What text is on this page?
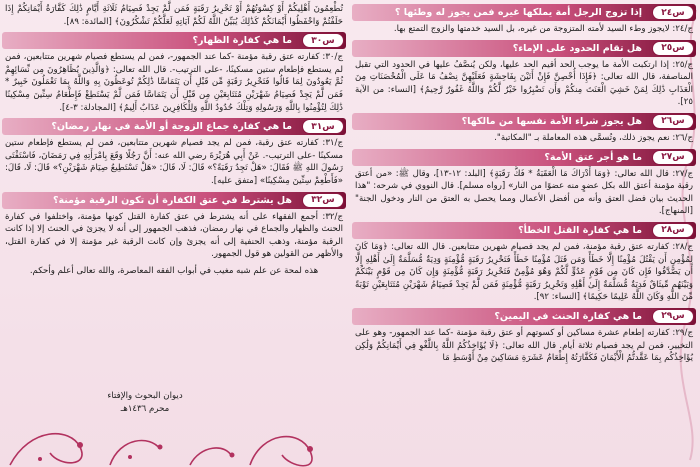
س٢٤
إذا تزوج الرجل أمة يملكها غيره فمن يجوز له وطئها ؟

ج/٢٤: لايجوز وطء السيد لأمته المتزوجة من غيره، بل السيد خدمتها والزوج التمتع بها.

س٢٥
هل تقام الحدود على الإماء؟

ج/٢٥: إذا ارتكبت الأمة ما يوجب الحد أقيم الحد عليها، ولكن يُنصَّفُ عليها في الحدود التي تقبل المناصفة، قال الله تعالى: ﴿فَإِذَا أُحْصِنَّ فَإِنْ أَتَيْنَ بِفَاحِشَةٍ فَعَلَيْهِنَّ نِصْفُ مَا عَلَى الْمُحْصَنَاتِ مِنَ الْعَذَابِ ذَٰلِكَ لِمَنْ خَشِيَ الْعَنَتَ مِنكُمْ وَأَن تَصْبِرُوا خَيْرٌ لَّكُمْ وَاللَّهُ غَفُورٌ رَّحِيمٌ﴾ [النساء: من الآية ٢٥].

س٢٦
هل يجوز شراء الأمة نفسها من مالكها؟

ج/٢٦: نعم يجوز ذلك، وتُسمَّى هذه المعاملة بـ "المكاتبة".

س٢٧
ما هو أجر عتق الأمة؟

ج/٢٧: قال الله تعالى: ﴿وَمَا أَدْرَاكَ مَا الْعَقَبَةُ * فَكُّ رَقَبَةٍ﴾ [البلد: ١٢-١٣]، وقال ﷺ: «من أعتق رقبة مؤمنة أعتق الله بكل عضوٍ منه عضوًا من النار» [رواه مسلم]. قال النووي في شرحه: "هذا الحديث بيان فضل العتق وأنه من أفضل الأعمال ومما يحصل به العتق من النار ودخول الجنة" [المنهاج].

س٢٨
ما هي كفارة القتل الخطأ؟

ج/٢٨: كفارته عتق رقبة مؤمنة، فمن لم يجد فصيام شهرين متتابعين. قال الله تعالى: ﴿وَمَا كَانَ لِمُؤْمِنٍ أَن يَقْتُلَ مُؤْمِنًا إِلَّا خَطَأً وَمَن قَتَلَ مُؤْمِنًا خَطَأً فَتَحْرِيرُ رَقَبَةٍ مُّؤْمِنَةٍ وَدِيَةٌ مُّسَلَّمَةٌ إِلَىٰ أَهْلِهِ إِلَّا أَن يَصَّدَّقُوا فَإِن كَانَ مِن قَوْمٍ عَدُوٍّ لَّكُمْ وَهُوَ مُؤْمِنٌ فَتَحْرِيرُ رَقَبَةٍ مُّؤْمِنَةٍ وَإِن كَانَ مِن قَوْمٍ بَيْنَكُمْ وَبَيْنَهُم مِّيثَاقٌ فَدِيَةٌ مُّسَلَّمَةٌ إِلَىٰ أَهْلِهِ وَتَحْرِيرُ رَقَبَةٍ مُّؤْمِنَةٍ فَمَن لَّمْ يَجِدْ فَصِيَامُ شَهْرَيْنِ مُتَتَابِعَيْنِ تَوْبَةً مِّنَ اللَّهِ وَكَانَ اللَّهُ عَلِيمًا حَكِيمًا﴾ [النساء: ٩٢].

س٢٩
ما هي كفارة الحنث في اليمين؟

ج/٢٩: كفارته إطعام عشرة مساكين أو كسوتهم أو عتق رقبة مؤمنة -كما عند الجمهور- وهو على التخيير، فمن لم يجد فصيام ثلاثة أيام. قال الله تعالى: ﴿لَا يُؤَاخِذُكُمُ اللَّهُ بِاللَّغْوِ فِي أَيْمَانِكُمْ وَلَٰكِن يُؤَاخِذُكُم بِمَا عَقَّدتُّمُ الْأَيْمَانَ فَكَفَّارَتُهُ إِطْعَامُ عَشَرَةِ مَسَاكِينَ مِنْ أَوْسَطِ مَا

تُطْعِمُونَ أَهْلِيكُمْ أَوْ كِسْوَتُهُمْ أَوْ تَحْرِيرُ رَقَبَةٍ فَمَن لَّمْ يَجِدْ فَصِيَامُ ثَلَاثَةِ أَيَّامٍ ذَٰلِكَ كَفَّارَةُ أَيْمَانِكُمْ إِذَا حَلَفْتُمْ وَاحْفَظُوا أَيْمَانَكُمْ كَذَٰلِكَ يُبَيِّنُ اللَّهُ لَكُمْ آيَاتِهِ لَعَلَّكُمْ تَشْكُرُونَ﴾ [المائدة: ٨٩].

س٣٠
ما هي كفارة الظهار؟

ج/٣٠: كفارته عتق رقبة مؤمنة -كما عند الجمهور-، فمن لم يستطع فصيام شهرين متتابعين، فمن لم يستطع فإطعام ستين مسكينًا، -على الترتيب-. قال الله تعالى: ﴿وَالَّذِينَ يُظَاهِرُونَ مِن نِّسَائِهِمْ ثُمَّ يَعُودُونَ لِمَا قَالُوا فَتَحْرِيرُ رَقَبَةٍ مِّن قَبْلِ أَن يَتَمَاسَّا ذَٰلِكُمْ تُوعَظُونَ بِهِ وَاللَّهُ بِمَا تَعْمَلُونَ خَبِيرٌ * فَمَن لَّمْ يَجِدْ فَصِيَامُ شَهْرَيْنِ مُتَتَابِعَيْنِ مِن قَبْلِ أَن يَتَمَاسَّا فَمَن لَّمْ يَسْتَطِعْ فَإِطْعَامُ سِتِّينَ مِسْكِينًا ذَٰلِكَ لِتُؤْمِنُوا بِاللَّهِ وَرَسُولِهِ وَتِلْكَ حُدُودُ اللَّهِ وَلِلْكَافِرِينَ عَذَابٌ أَلِيمٌ﴾ [المجادلة: ٣-٤].

س٣١
ما هي كفارة جماع الزوجة أو الأمة في نهار رمضان؟

ج/٣١: كفارته عتق رقبة، فمن لم يجد فصيام شهرين متتابعين، فمن لم يستطع فإطعام ستين مسكينًا -على الترتيب-. عَنْ أَبِي هُرَيْرَةَ رضي الله عنه: أَنَّ رَجُلًا وَقَعَ بِامْرَأَتِهِ فِي رَمَضَانَ، فَاسْتَفْتَى رَسُولَ اللهِ ﷺ فَقَالَ: «هَلْ تَجِدُ رَقَبَةً؟» قَالَ: لَا، قَالَ: «هَلْ تَسْتَطِيعُ صِيَامَ شَهْرَيْنِ؟» قَالَ: لَا، قَالَ: «فَأَطْعِمْ سِتِّينَ مِسْكِينًا» [متفق عليه].

س٣٢
هل يشترط في عتق الكفارة أن تكون الرقبة مؤمنة؟

ج/٣٢: أجمع الفقهاء على أنه يشترط في عتق كفارة القتل كونها مؤمنة، واختلفوا في كفارة الحنث والظهار والجماع في نهار رمضان، فذهب الجمهور إلى أنه لا يجزئ في الحنث إلا إذا كانت الرقبة مؤمنة، وذهب الحنفية إلى أنه يجزئ وإن كانت الرقبة غير مؤمنة إلا في كفارة القتل، والأظهر من القولين هو قول الجمهور.

هذه لمحة عن علم شبه مغيب في أبواب الفقه المعاصرة، والله تعالى أعلم وأحكم.

ديوان البحوث والإفتاء
محرم ١٤٣٦هـ
